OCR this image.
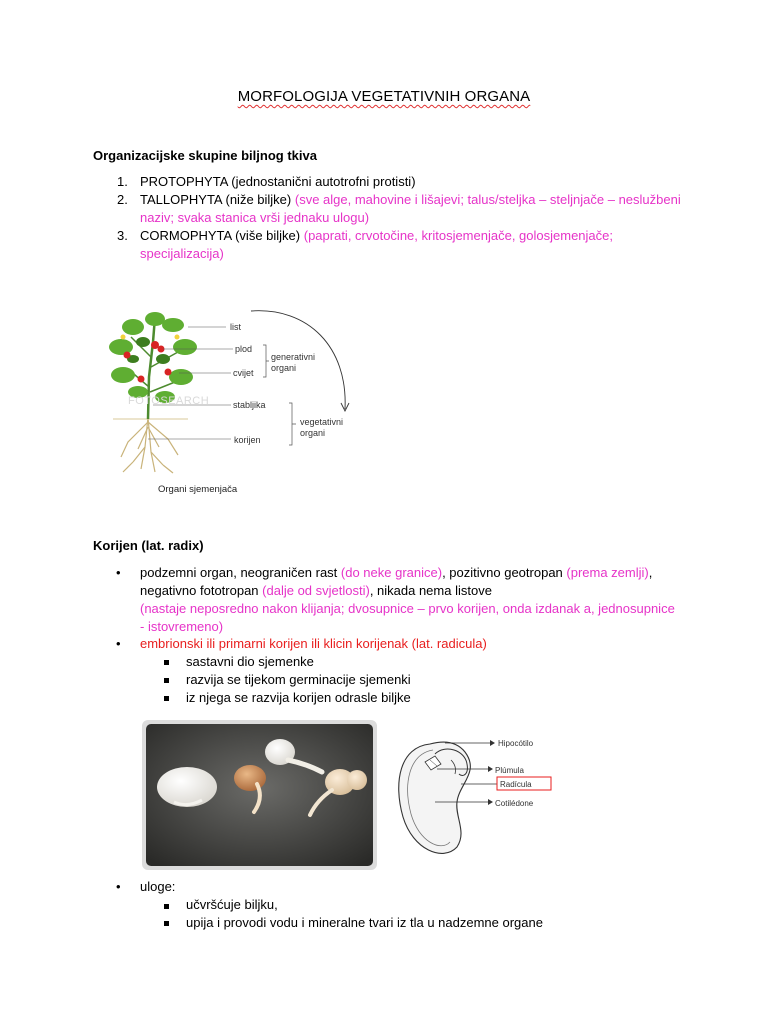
MORFOLOGIJA VEGETATIVNIH ORGANA
Organizacijske skupine biljnog tkiva
1. PROTOPHYTA (jednostanični autotrofni protisti)
2. TALLOPHYTA (niže biljke) (sve alge, mahovine i lišajevi; talus/steljka – steljnjače – neslužbeni
naziv; svaka stanica vrši jednaku ulogu)
3. CORMOPHYTA (više biljke) (paprati, crvotočine, kritosjemenjače, golosjemenjače;
specijalizacija)
FOTOSEARCH
list
plod
cvijet
stabljika
korijen
generativni
organi
vegetativni
organi
Organi sjemenjača
Korijen (lat. radix)
• podzemni organ, neograničen rast (do neke granice), pozitivno geotropan (prema zemlji),
negativno fototropan (dalje od svjetlosti), nikada nema listove
(nastaje neposredno nakon klijanja; dvosupnice – prvo korijen, onda izdanak a, jednosupnice
- istovremeno)
• embrionski ili primarni korijen ili klicin korijenak (lat. radicula)
sastavni dio sjemenke
razvija se tijekom germinacije sjemenki
iz njega se razvija korijen odrasle biljke
Hipocótilo
Plúmula
Radícula
Cotilédone
• uloge:
učvršćuje biljku,
upija i provodi vodu i mineralne tvari iz tla u nadzemne organe
